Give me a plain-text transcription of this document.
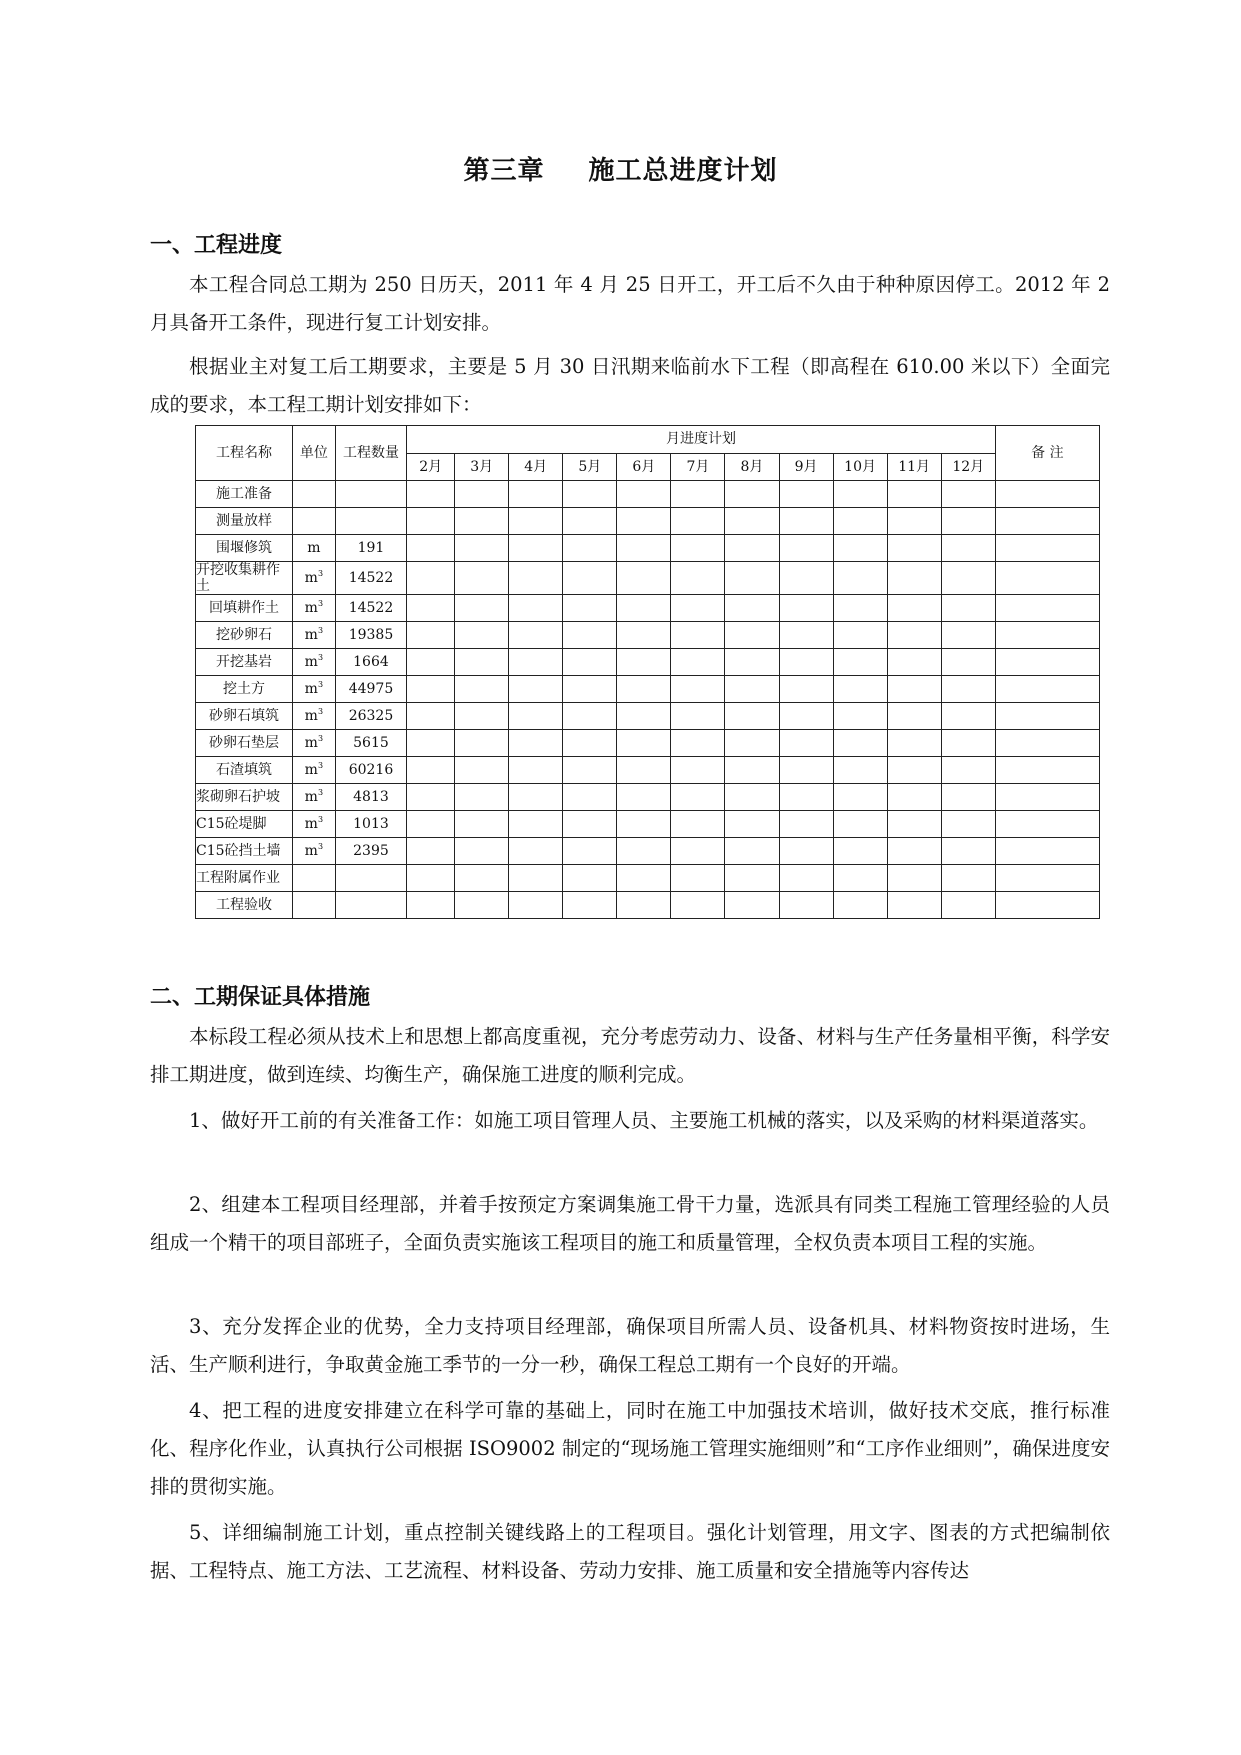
第三章 施工总进度计划
一、工程进度

本工程合同总工期为 250 日历天，2011 年 4 月 25 日开工，开工后不久由于种种原因停工。2012 年 2 月具备开工条件，现进行复工计划安排。

根据业主对复工后工期要求，主要是 5 月 30 日汛期来临前水下工程（即高程在 610.00 米以下）全面完成的要求，本工程工期计划安排如下：

工程名称	单位	工程数量	月进度计划											备 注
			2月	3月	4月	5月	6月	7月	8月	9月	10月	11月	12月	
施工准备														
测量放样														
围堰修筑	m	191												
开挖收集耕作土	$m^3$	14522												
回填耕作土	$m^3$	14522												
挖砂卵石	$m^3$	19385												
开挖基岩	$m^3$	1664												
挖土方	$m^3$	44975												
砂卵石填筑	$m^3$	26325												
砂卵石垫层	$m^3$	5615												
石渣填筑	$m^3$	60216												
浆砌卵石护坡	$m^3$	4813												
C15砼堤脚	$m^3$	1013												
C15砼挡土墙	$m^3$	2395												
工程附属作业														
工程验收														
二、工期保证具体措施

本标段工程必须从技术上和思想上都高度重视，充分考虑劳动力、设备、材料与生产任务量相平衡，科学安排工期进度，做到连续、均衡生产，确保施工进度的顺利完成。

1、做好开工前的有关准备工作：如施工项目管理人员、主要施工机械的落实，以及采购的材料渠道落实。

2、组建本工程项目经理部，并着手按预定方案调集施工骨干力量，选派具有同类工程施工管理经验的人员组成一个精干的项目部班子，全面负责实施该工程项目的施工和质量管理，全权负责本项目工程的实施。

3、充分发挥企业的优势，全力支持项目经理部，确保项目所需人员、设备机具、材料物资按时进场，生活、生产顺利进行，争取黄金施工季节的一分一秒，确保工程总工期有一个良好的开端。

4、把工程的进度安排建立在科学可靠的基础上，同时在施工中加强技术培训，做好技术交底，推行标准化、程序化作业，认真执行公司根据 ISO9002 制定的“现场施工管理实施细则”和“工序作业细则”，确保进度安排的贯彻实施。

5、详细编制施工计划，重点控制关键线路上的工程项目。强化计划管理，用文字、图表的方式把编制依据、工程特点、施工方法、工艺流程、材料设备、劳动力安排、施工质量和安全措施等内容传达
